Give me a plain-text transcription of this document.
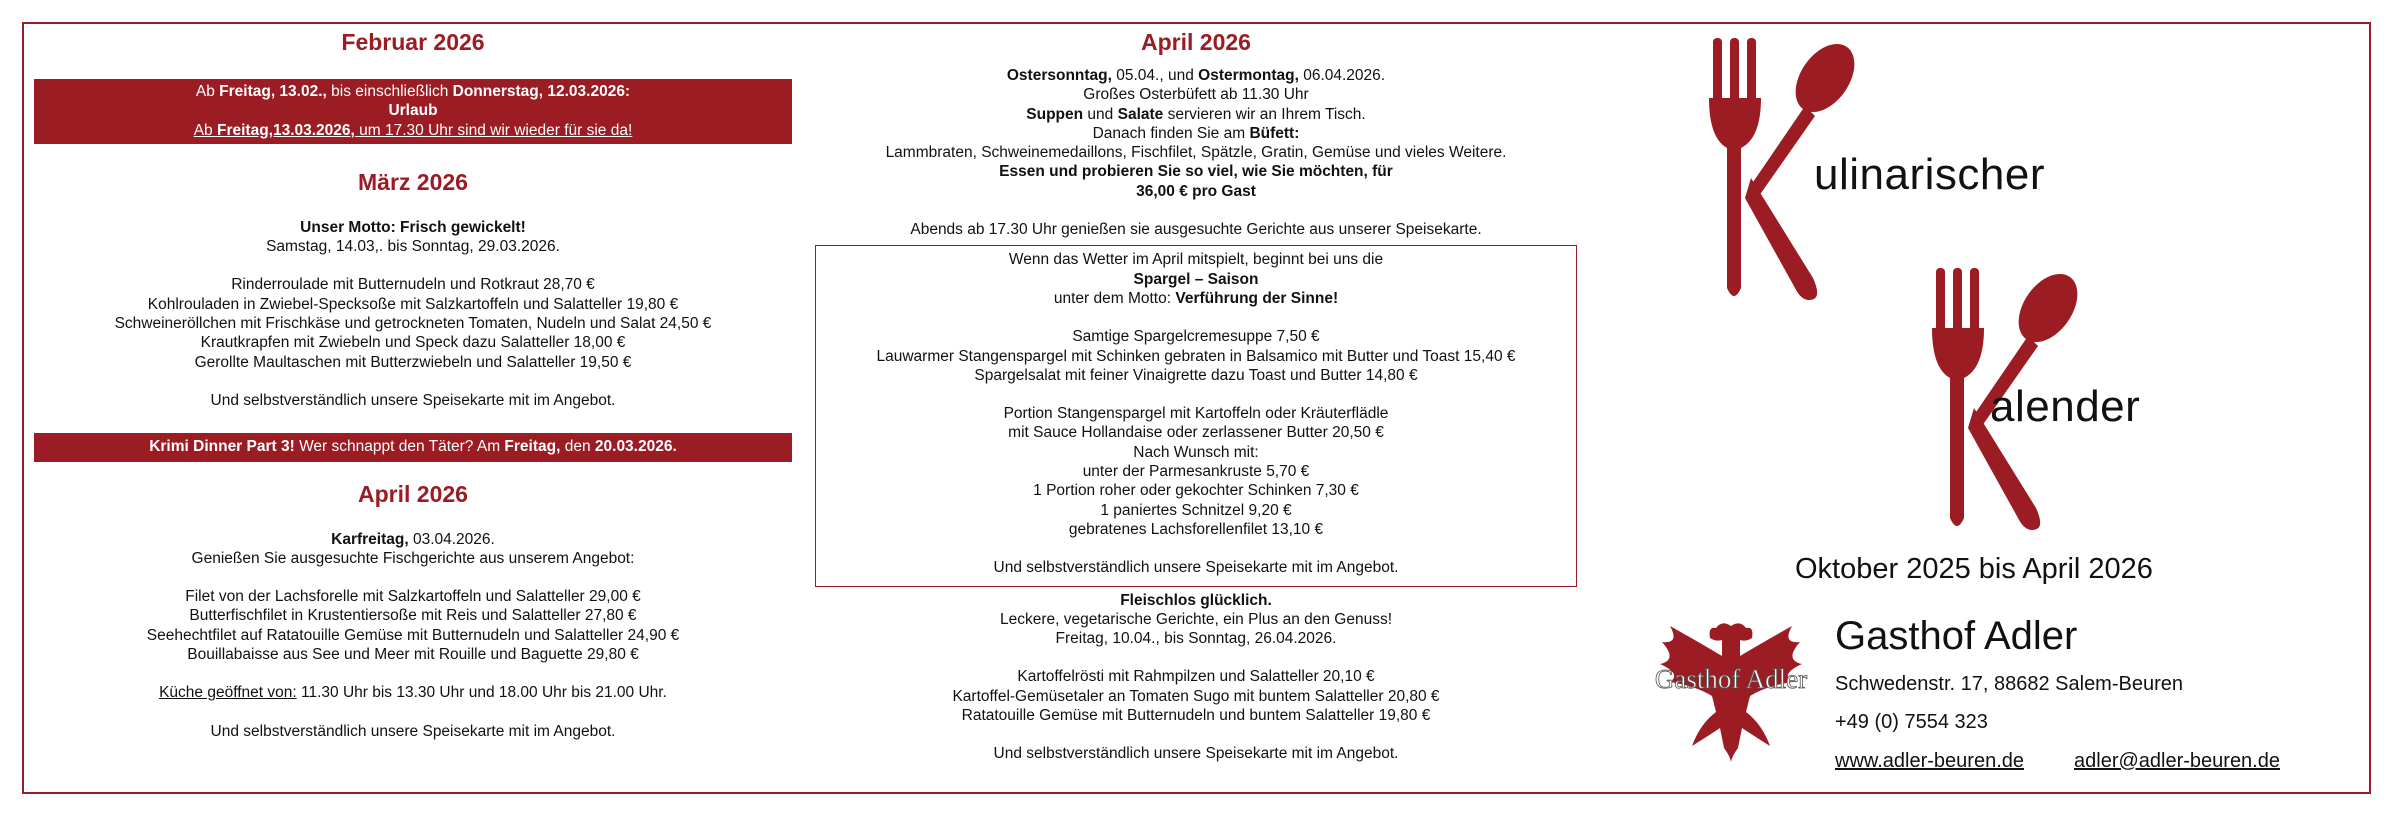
Februar 2026
Ab Freitag, 13.02., bis einschließlich Donnerstag, 12.03.2026:
Urlaub
Ab Freitag,13.03.2026, um 17.30 Uhr sind wir wieder für sie da!
März 2026
Unser Motto: Frisch gewickelt!
Samstag, 14.03,. bis Sonntag, 29.03.2026.
Rinderroulade mit Butternudeln und Rotkraut 28,70 €
Kohlrouladen in Zwiebel-Specksoße mit Salzkartoffeln und Salatteller 19,80 €
Schweineröllchen mit Frischkäse und getrockneten Tomaten, Nudeln und Salat 24,50 €
Krautkrapfen mit Zwiebeln und Speck dazu Salatteller 18,00 €
Gerollte Maultaschen mit Butterzwiebeln und Salatteller 19,50 €
Und selbstverständlich unsere Speisekarte mit im Angebot.
Krimi Dinner Part 3! Wer schnappt den Täter? Am Freitag, den 20.03.2026.
April 2026
Karfreitag, 03.04.2026.
Genießen Sie ausgesuchte Fischgerichte aus unserem Angebot:
Filet von der Lachsforelle mit Salzkartoffeln und Salatteller 29,00 €
Butterfischfilet in Krustentiersoße mit Reis und Salatteller 27,80 €
Seehechtfilet auf Ratatouille Gemüse mit Butternudeln und Salatteller 24,90 €
Bouillabaisse aus See und Meer mit Rouille und Baguette 29,80 €
Küche geöffnet von: 11.30 Uhr bis 13.30 Uhr und 18.00 Uhr bis 21.00 Uhr.
Und selbstverständlich unsere Speisekarte mit im Angebot.
April 2026
Ostersonntag, 05.04., und Ostermontag, 06.04.2026.
Großes Osterbüfett ab 11.30 Uhr
Suppen und Salate servieren wir an Ihrem Tisch.
Danach finden Sie am Büfett:
Lammbraten, Schweinemedaillons, Fischfilet, Spätzle, Gratin, Gemüse und vieles Weitere.
Essen und probieren Sie so viel, wie Sie möchten, für
36,00 € pro Gast
Abends ab 17.30 Uhr genießen sie ausgesuchte Gerichte aus unserer Speisekarte.
Wenn das Wetter im April mitspielt, beginnt bei uns die
Spargel – Saison
unter dem Motto: Verführung der Sinne!
Samtige Spargelcremesuppe 7,50 €
Lauwarmer Stangenspargel mit Schinken gebraten in Balsamico mit Butter und Toast 15,40 €
Spargelsalat mit feiner Vinaigrette dazu Toast und Butter 14,80 €
Portion Stangenspargel mit Kartoffeln oder Kräuterflädle
mit Sauce Hollandaise oder zerlassener Butter 20,50 €
Nach Wunsch mit:
unter der Parmesankruste 5,70 €
1 Portion roher oder gekochter Schinken 7,30 €
1 paniertes Schnitzel 9,20 €
gebratenes Lachsforellenfilet 13,10 €
Und selbstverständlich unsere Speisekarte mit im Angebot.
Fleischlos glücklich.
Leckere, vegetarische Gerichte, ein Plus an den Genuss!
Freitag, 10.04., bis Sonntag, 26.04.2026.
Kartoffelrösti mit Rahmpilzen und Salatteller 20,10 €
Kartoffel-Gemüsetaler an Tomaten Sugo mit buntem Salatteller 20,80 €
Ratatouille Gemüse mit Butternudeln und buntem Salatteller 19,80 €
Und selbstverständlich unsere Speisekarte mit im Angebot.
ulinarischer
alender
Oktober 2025 bis April 2026
Gasthof Adler
Gasthof Adler
Schwedenstr. 17, 88682 Salem-Beuren
+49 (0) 7554 323
www.adler-beuren.de	adler@adler-beuren.de
